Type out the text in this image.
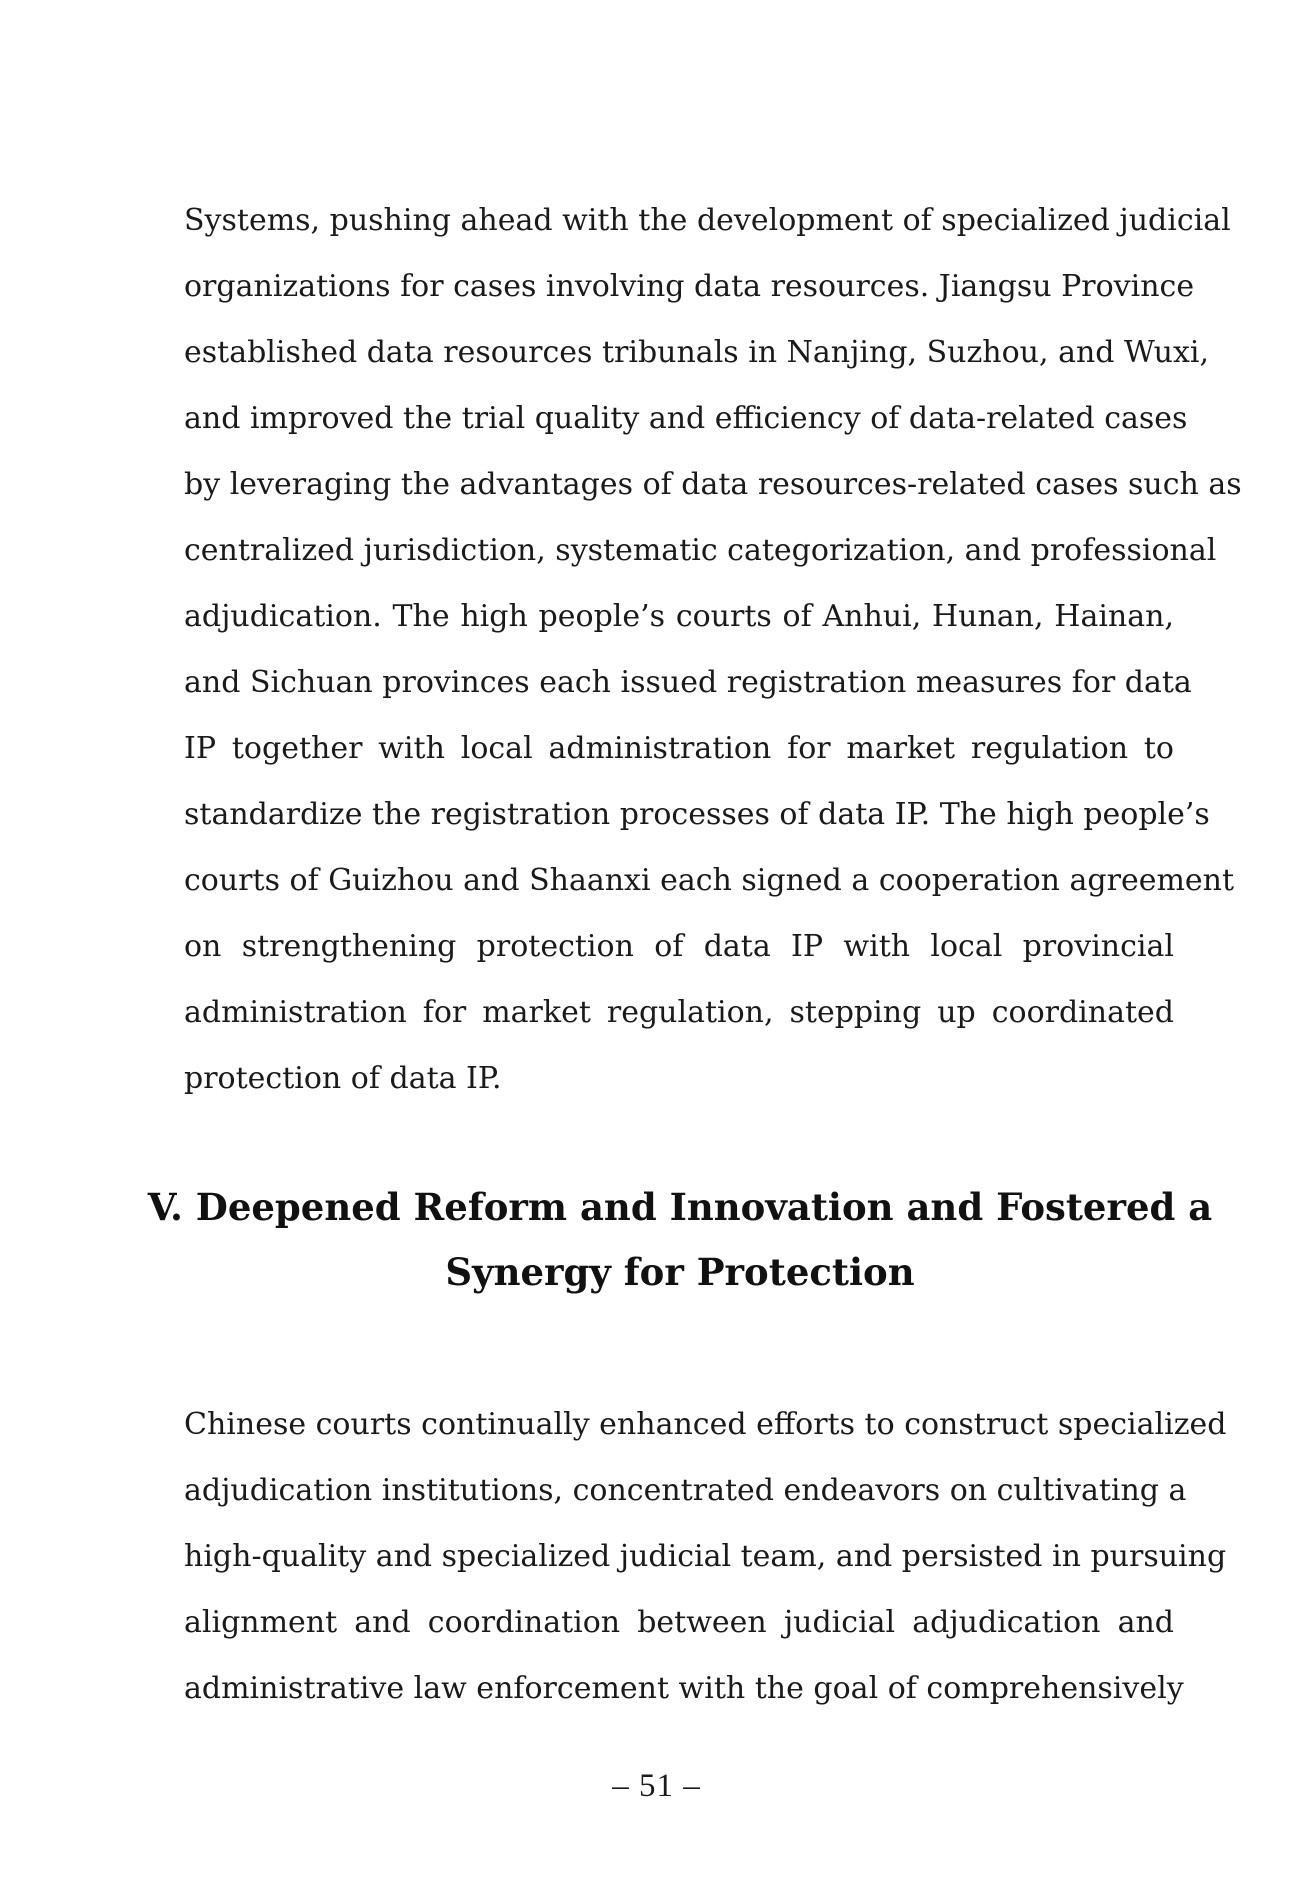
Systems, pushing ahead with the development of specialized judicial
organizations for cases involving data resources. Jiangsu Province
established data resources tribunals in Nanjing, Suzhou, and Wuxi,
and improved the trial quality and efficiency of data-related cases
by leveraging the advantages of data resources-related cases such as
centralized jurisdiction, systematic categorization, and professional
adjudication. The high people’s courts of Anhui, Hunan, Hainan,
and Sichuan provinces each issued registration measures for data
IP together with local administration for market regulation to
standardize the registration processes of data IP. The high people’s
courts of Guizhou and Shaanxi each signed a cooperation agreement
on strengthening protection of data IP with local provincial
administration for market regulation, stepping up coordinated
protection of data IP.
V. Deepened Reform and Innovation and Fostered a
Synergy for Protection
Chinese courts continually enhanced efforts to construct specialized
adjudication institutions, concentrated endeavors on cultivating a
high-quality and specialized judicial team, and persisted in pursuing
alignment and coordination between judicial adjudication and
administrative law enforcement with the goal of comprehensively
– 51 –
